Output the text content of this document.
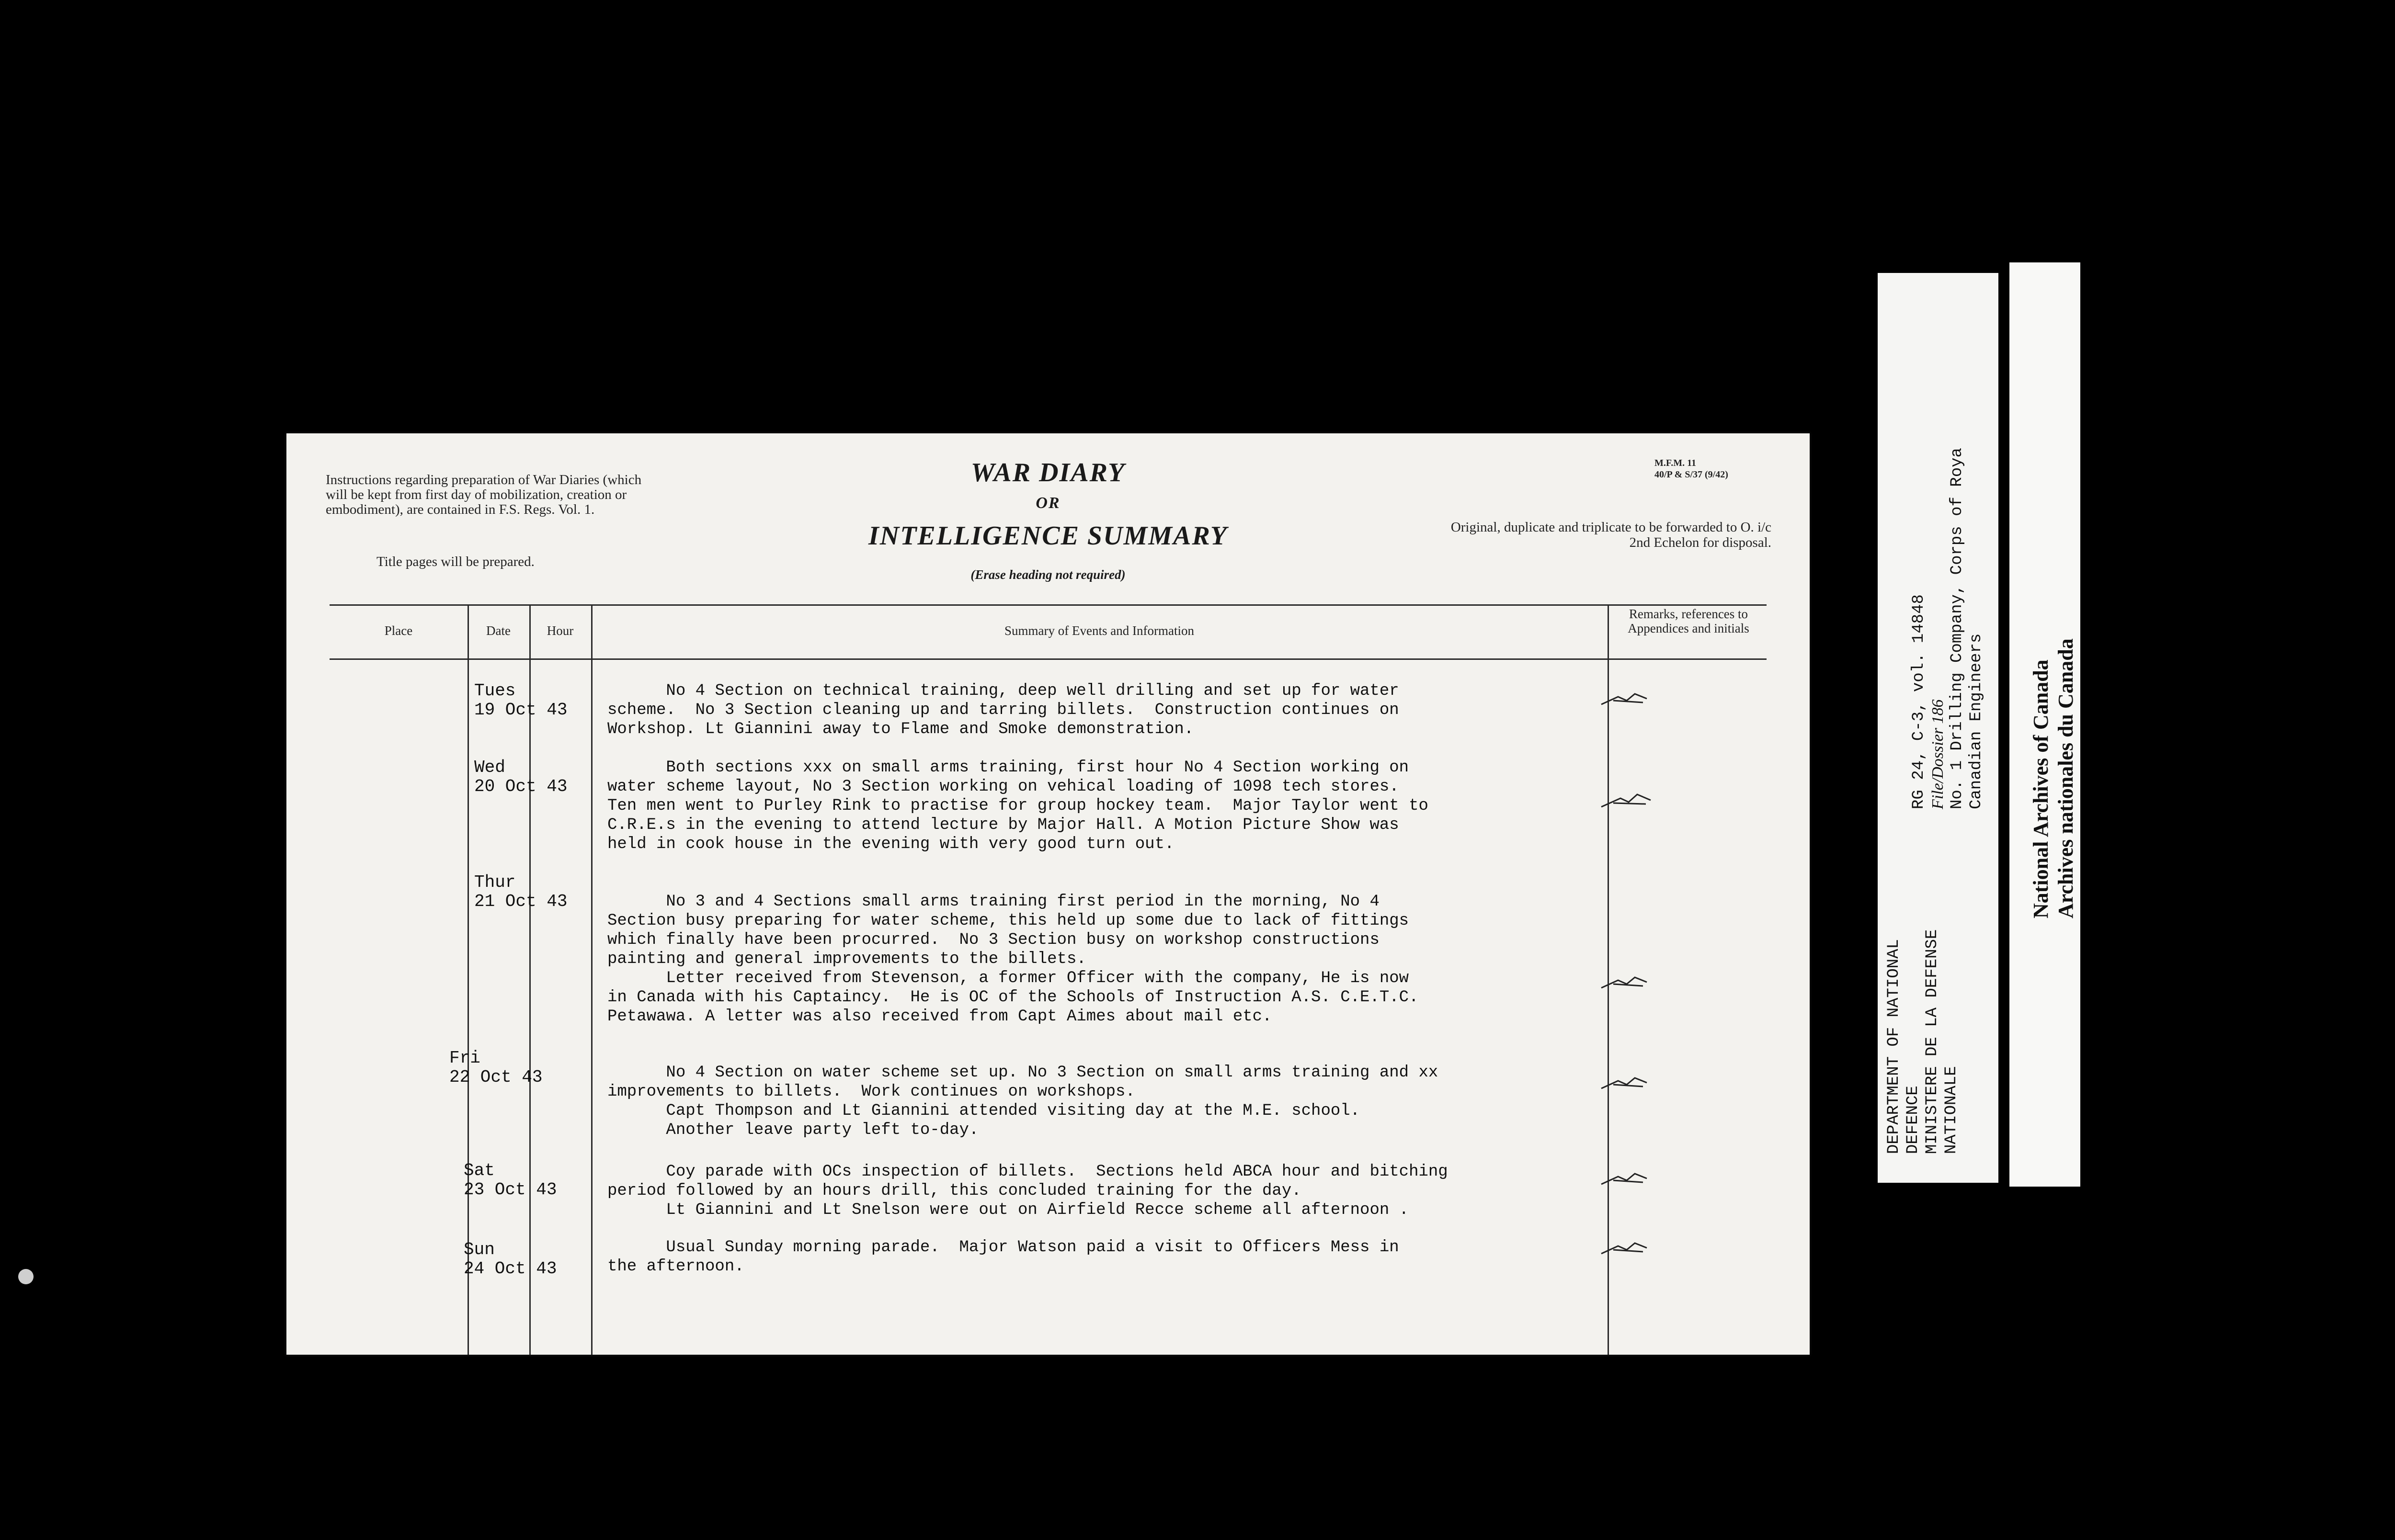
Instructions regarding preparation of War Diaries (which will be kept from first day of mobilization, creation or embodiment), are contained in F.S. Regs. Vol. 1.
Title pages will be prepared.
WAR DIARY
OR
INTELLIGENCE SUMMARY
(Erase heading not required)
M.F.M. 11
40/P & S/37 (9/42)
Original, duplicate and triplicate to be forwarded to O. i/c 2nd Echelon for disposal.
Place	Date	Hour	Summary of Events and Information
Remarks, references to Appendices and initials
Tues
19 Oct 43
No 4 Section on technical training, deep well drilling and set up for water
scheme.  No 3 Section cleaning up and tarring billets.  Construction continues on
Workshop. Lt Giannini away to Flame and Smoke demonstration.
Wed
20 Oct 43
Both sections xxx on small arms training, first hour No 4 Section working on
water scheme layout, No 3 Section working on vehical loading of 1098 tech stores.
Ten men went to Purley Rink to practise for group hockey team.  Major Taylor went to
C.R.E.s in the evening to attend lecture by Major Hall. A Motion Picture Show was
held in cook house in the evening with very good turn out.
Thur
21 Oct 43	No 3 and 4 Sections small arms training first period in the morning, No 4
Section busy preparing for water scheme, this held up some due to lack of fittings
which finally have been procurred.  No 3 Section busy on workshop constructions
painting and general improvements to the billets.
Letter received from Stevenson, a former Officer with the company, He is now
in Canada with his Captaincy.  He is OC of the Schools of Instruction A.S. C.E.T.C.
Petawawa. A letter was also received from Capt Aimes about mail etc.
Fri
22 Oct 43	No 4 Section on water scheme set up. No 3 Section on small arms training and xx
improvements to billets.  Work continues on workshops.
Capt Thompson and Lt Giannini attended visiting day at the M.E. school.
Another leave party left to-day.
Sat
23 Oct 43
Coy parade with OCs inspection of billets.  Sections held ABCA hour and bitching
period followed by an hours drill, this concluded training for the day.
Lt Giannini and Lt Snelson were out on Airfield Recce scheme all afternoon .
Sun
24 Oct 43
Usual Sunday morning parade.  Major Watson paid a visit to Officers Mess in
the afternoon.
DEPARTMENT OF NATIONAL DEFENCE MINISTERE DE LA DEFENSE NATIONALE
RG 24, C-3, vol. 14848 File/Dossier 186 No. 1 Drilling Company, Corps of Roya Canadian Engineers National Archives of Canada Archives nationales du Canada
